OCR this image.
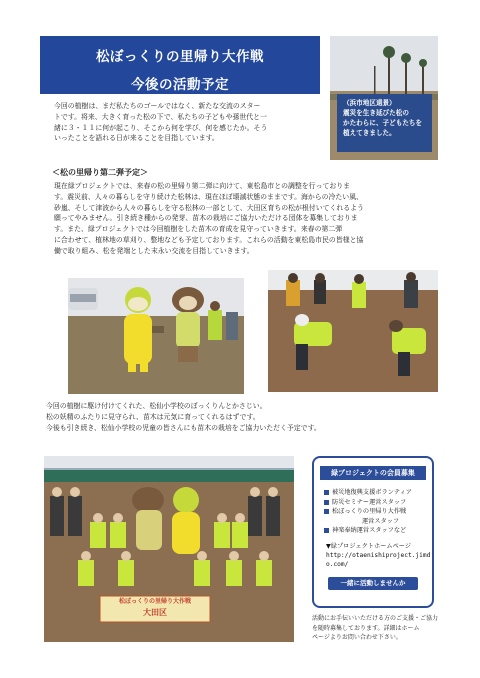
松ぼっくりの里帰り大作戦
今後の活動予定
（浜市地区遠景）
震災を生き延びた松の
かたわらに、子どもたちを
植えてきました。
今回の植樹は、まだ私たちのゴールではなく、新たな交流のスター
トです。将来、大きく育った松の下で、私たちの子どもや孫世代と一
緒に３・１１に何が起こり、そこから何を学び、何を感じたか。そう
いったことを語れる日が来ることを目指しています。
＜松の里帰り第二弾予定＞
現在緑プロジェクトでは、来春の松の里帰り第二弾に向けて、東松島市との調整を行っておりま
す。震災前、人々の暮らしを守り続けた松林は、現在ほぼ壊滅状態のままです。海からの冷たい風、
砂嵐、そして津波から人々の暮らしを守る松林の一部として、大田区育ちの松が根付いてくれるよう
願ってやみません。引き続き種からの発芽、苗木の栽培にご協力いただける団体を募集しておりま
す。また、緑プロジェクトでは今回植樹をした苗木の育成を見守っていきます。来春の第二弾
に合わせて、植林地の草刈り、整地なども予定しております。これらの活動を東松島市民の皆様と協
働で取り組み、松を発端とした末永い交流を目指していきます。
今回の植樹に駆け付けてくれた、松仙小学校のぼっくりんとかさじい。
松の妖精のふたりに見守られ、苗木は元気に育ってくれるはずです。
今後も引き続き、松仙小学校の児童の皆さんにも苗木の栽培をご協力いただく予定です。
松ぼっくりの里帰り大作戦
大田区
緑プロジェクトの会員募集
被災地復興支援ボランティア
防災セミナー運営スタッフ
松ぼっくりの里帰り大作戦
運営スタッフ
神楽奉納運営スタッフなど
▼緑プロジェクトホームページ
http://otaenishiproject.jimd
o.com/
一緒に活動しませんか
活動にお手伝いいただける方のご支援・ご協力
を随時募集しております。詳細はホーム
ページよりお問い合わせ下さい。
